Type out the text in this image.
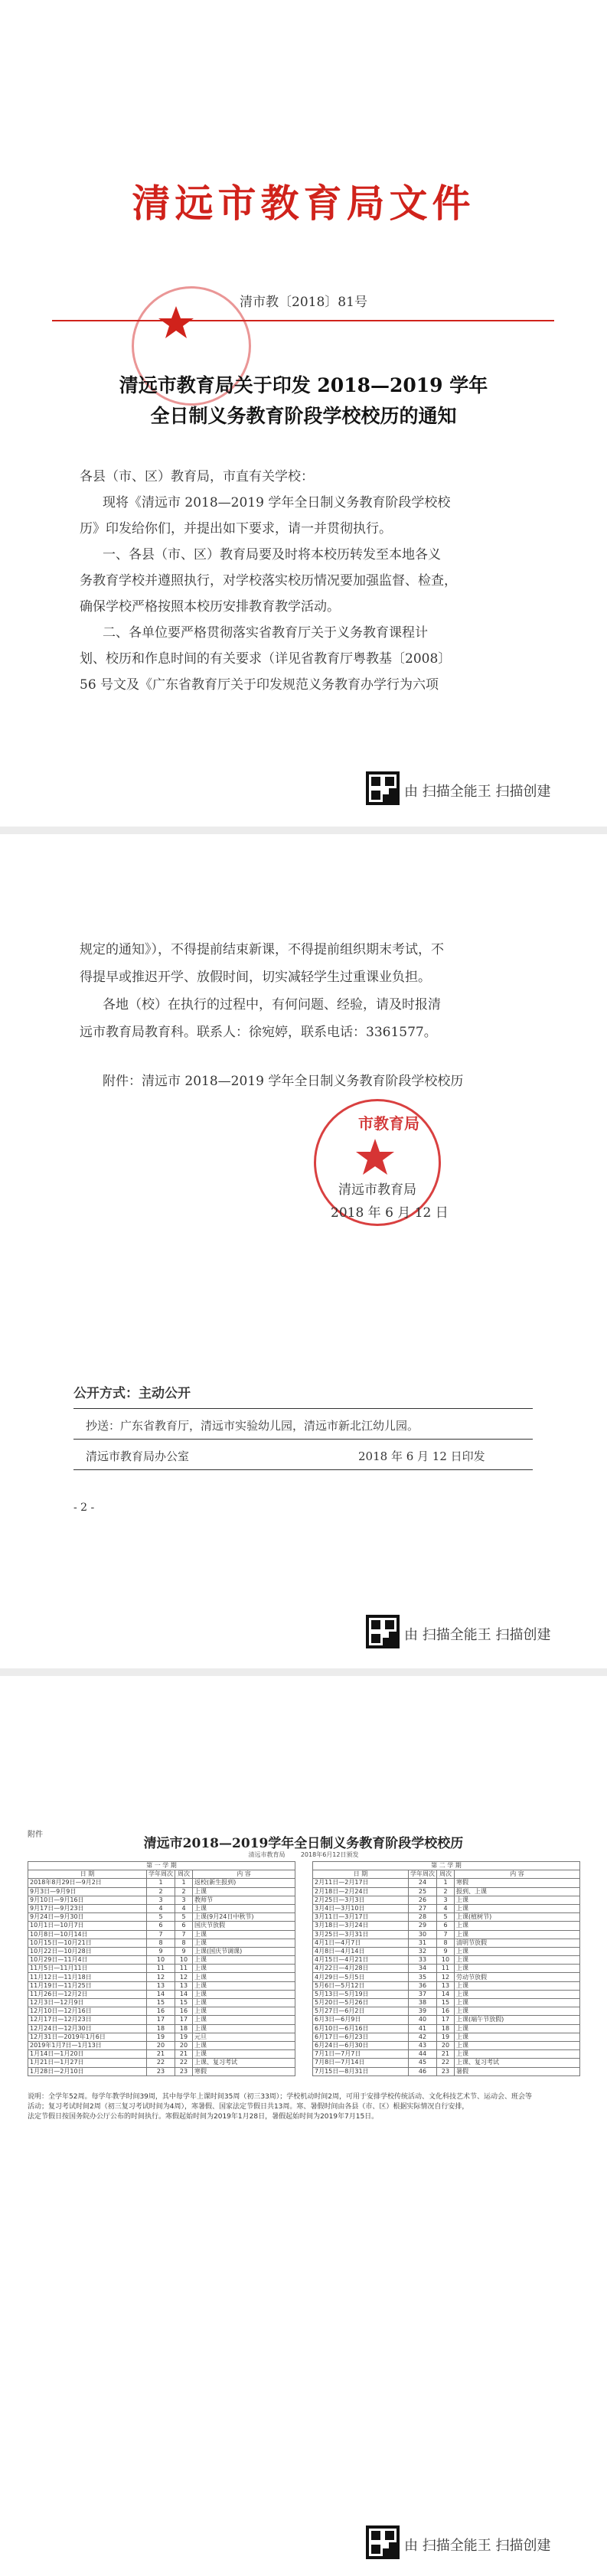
清远市教育局文件
清市教〔2018〕81号
清远市教育局关于印发 2018—2019 学年
全日制义务教育阶段学校校历的通知
各县（市、区）教育局，市直有关学校：
现将《清远市 2018—2019 学年全日制义务教育阶段学校校
历》印发给你们，并提出如下要求，请一并贯彻执行。
一、各县（市、区）教育局要及时将本校历转发至本地各义
务教育学校并遵照执行，对学校落实校历情况要加强监督、检查，
确保学校严格按照本校历安排教育教学活动。
二、各单位要严格贯彻落实省教育厅关于义务教育课程计
划、校历和作息时间的有关要求（详见省教育厅粤教基〔2008〕
56 号文及《广东省教育厅关于印发规范义务教育办学行为六项
由 扫描全能王 扫描创建
规定的通知》），不得提前结束新课，不得提前组织期末考试，不
得提早或推迟开学、放假时间，切实减轻学生过重课业负担。
各地（校）在执行的过程中，有何问题、经验，请及时报清
远市教育局教育科。联系人：徐宛婷，联系电话：3361577。
附件：清远市 2018—2019 学年全日制义务教育阶段学校校历
市教育局
清远市教育局
2018 年 6 月 12 日
公开方式：主动公开
抄送：广东省教育厅，清远市实验幼儿园，清远市新北江幼儿园。
清远市教育局办公室	2018 年 6 月 12 日印发
- 2 -
由 扫描全能王 扫描创建
附件
清远市2018—2019学年全日制义务教育阶段学校校历
清远市教育局        2018年6月12日颁发
第 一 学 期			
日 期	学年周次	周次	内 容
2018年8月29日—9月2日	1	1	返校(新生报到)
9月3日—9月9日	2	2	上课
9月10日—9月16日	3	3	教师节
9月17日—9月23日	4	4	上课
9月24日—9月30日	5	5	上课(9月24日中秋节)
10月1日—10月7日	6	6	国庆节放假
10月8日—10月14日	7	7	上课
10月15日—10月21日	8	8	上课
10月22日—10月28日	9	9	上课(国庆节调课)
10月29日—11月4日	10	10	上课
11月5日—11月11日	11	11	上课
11月12日—11月18日	12	12	上课
11月19日—11月25日	13	13	上课
11月26日—12月2日	14	14	上课
12月3日—12月9日	15	15	上课
12月10日—12月16日	16	16	上课
12月17日—12月23日	17	17	上课
12月24日—12月30日	18	18	上课
12月31日—2019年1月6日	19	19	元旦
2019年1月7日—1月13日	20	20	上课
1月14日—1月20日	21	21	上课
1月21日—1月27日	22	22	上课、复习考试
1月28日—2月10日	23	23	寒假
第 二 学 期			
日 期	学年周次	周次	内 容
2月11日—2月17日	24	1	寒假
2月18日—2月24日	25	2	报到、上课
2月25日—3月3日	26	3	上课
3月4日—3月10日	27	4	上课
3月11日—3月17日	28	5	上课(植树节)
3月18日—3月24日	29	6	上课
3月25日—3月31日	30	7	上课
4月1日—4月7日	31	8	清明节放假
4月8日—4月14日	32	9	上课
4月15日—4月21日	33	10	上课
4月22日—4月28日	34	11	上课
4月29日—5月5日	35	12	劳动节放假
5月6日—5月12日	36	13	上课
5月13日—5月19日	37	14	上课
5月20日—5月26日	38	15	上课
5月27日—6月2日	39	16	上课
6月3日—6月9日	40	17	上课(端午节放假)
6月10日—6月16日	41	18	上课
6月17日—6月23日	42	19	上课
6月24日—6月30日	43	20	上课
7月1日—7月7日	44	21	上课
7月8日—7月14日	45	22	上课、复习考试
7月15日—8月31日	46	23	暑假
说明：全学年52周。每学年教学时间39周，其中每学年上课时间35周（初三33周）；学校机动时间2周，可用于安排学校传统活动、文化科技艺术节、运动会、班会等
活动；复习考试时间2周（初三复习考试时间为4周），寒暑假、国家法定节假日共13周。寒、暑假时间由各县（市、区）根据实际情况自行安排，
法定节假日按国务院办公厅公布的时间执行。寒假起始时间为2019年1月28日，暑假起始时间为2019年7月15日。
由 扫描全能王 扫描创建
